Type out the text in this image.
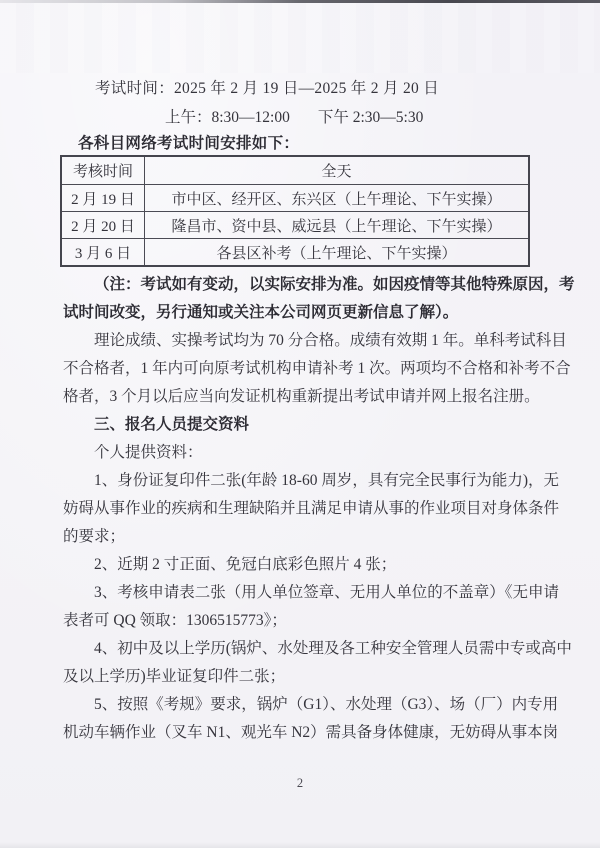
考试时间：2025 年 2 月 19 日—2025 年 2 月 20 日
上午：8:30—12:00 下午 2:30—5:30
各科目网络考试时间安排如下：
考核时间	全天
2 月 19 日	市中区、经开区、东兴区（上午理论、下午实操）
2 月 20 日	隆昌市、资中县、威远县（上午理论、下午实操）
3 月 6 日	各县区补考（上午理论、下午实操）
（注：考试如有变动，以实际安排为准。如因疫情等其他特殊原因，考
试时间改变，另行通知或关注本公司网页更新信息了解）。
理论成绩、实操考试均为 70 分合格。成绩有效期 1 年。单科考试科目
不合格者，1 年内可向原考试机构申请补考 1 次。两项均不合格和补考不合
格者，3 个月以后应当向发证机构重新提出考试申请并网上报名注册。
三、报名人员提交资料
个人提供资料：
1、身份证复印件二张(年龄 18-60 周岁，具有完全民事行为能力)，无
妨碍从事作业的疾病和生理缺陷并且满足申请从事的作业项目对身体条件
的要求；
2、近期 2 寸正面、免冠白底彩色照片 4 张；
3、考核申请表二张（用人单位签章、无用人单位的不盖章）《无申请
表者可 QQ 领取：1306515773》；
4、初中及以上学历(锅炉、水处理及各工种安全管理人员需中专或高中
及以上学历)毕业证复印件二张；
5、按照《考规》要求，锅炉（G1）、水处理（G3）、场（厂）内专用
机动车辆作业（叉车 N1、观光车 N2）需具备身体健康，无妨碍从事本岗
2
